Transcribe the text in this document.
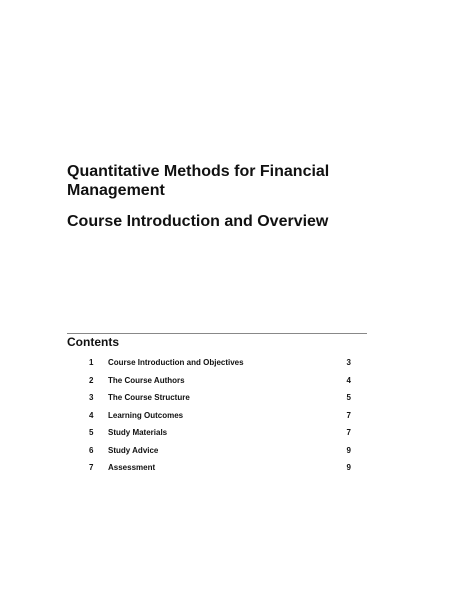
Quantitative Methods for Financial
Management
Course Introduction and Overview
Contents
1	Course Introduction and Objectives	3
2	The Course Authors	4
3	The Course Structure	5
4	Learning Outcomes	7
5	Study Materials	7
6	Study Advice	9
7	Assessment	9
